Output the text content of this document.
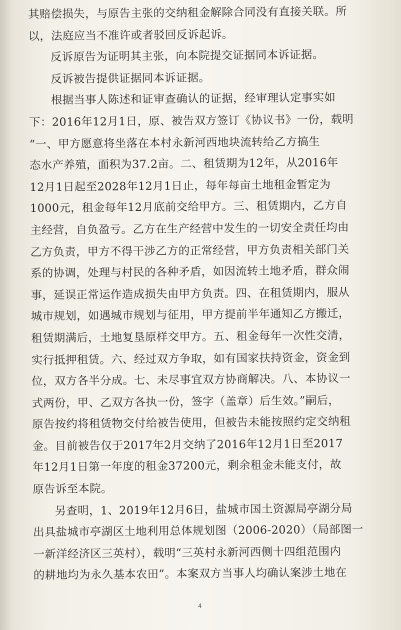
其赔偿损失，与原告主张的交纳租金解除合同没有直接关联。所
以，法庭应当不准许或者驳回反诉起诉。
反诉原告为证明其主张，向本院提交证据同本诉证据。
反诉被告提供证据同本诉证据。
根据当事人陈述和证审查确认的证据，经审理认定事实如
下：2016年12月1日，原、被告双方签订《协议书》一份，载明
“一、甲方愿意将坐落在本村永新河西地块流转给乙方搞生
态水产养殖，面积为37.2亩。二、租赁期为12年，从2016年
12月1日起至2028年12月1日止，每年每亩土地租金暂定为
1000元，租金每年12月底前交给甲方。三、租赁期内，乙方自
主经营，自负盈亏。乙方在生产经营中发生的一切安全责任均由
乙方负责，甲方不得干涉乙方的正常经营，甲方负责相关部门关
系的协调，处理与村民的各种矛盾，如因流转土地矛盾，群众闹
事，延误正常运作造成损失由甲方负责。四、在租赁期内，服从
城市规划，如遇城市规划与征用，甲方提前半年通知乙方搬迁，
租赁期满后，土地复垦原样交甲方。五、租金每年一次性交清，
实行抵押租赁。六、经过双方争取，如有国家扶持资金，资金到
位，双方各半分成。七、未尽事宜双方协商解决。八、本协议一
式两份，甲、乙双方各执一份，签字（盖章）后生效。”嗣后，
原告按约将租赁物交付给被告使用，但被告未能按照约定交纳租
金。目前被告仅于2017年2月交纳了2016年12月1日至2017
年12月1日第一年度的租金37200元，剩余租金未能支付，故
原告诉至本院。
另查明，1、2019年12月6日，盐城市国土资源局亭湖分局
出具盐城市亭湖区土地利用总体规划图（2006-2020）（局部图一
一新洋经济区三英村），载明“三英村永新河西侧十四组范围内
的耕地均为永久基本农田”。本案双方当事人均确认案涉土地在
4
